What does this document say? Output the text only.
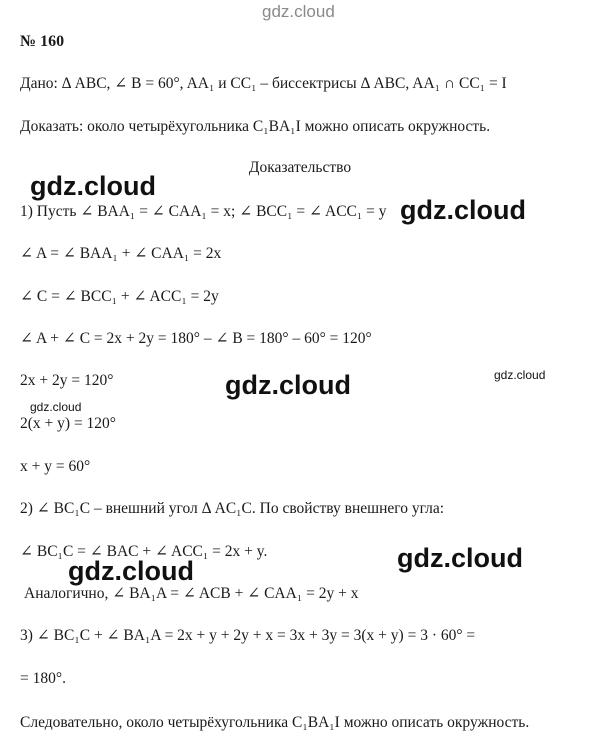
gdz.cloud
№ 160
Дано: Δ ABC, ∠ B = 60°, AA₁ и CC₁ – биссектрисы Δ ABC, AA₁ ∩ CC₁ = I
Доказать: около четырёхугольника C₁BA₁I можно описать окружность.
Доказательство
gdz.cloud
1) Пусть ∠ BAA₁ = ∠ CAA₁ = x; ∠ BCC₁ = ∠ ACC₁ = y gdz.cloud
∠ A = ∠ BAA₁ + ∠ CAA₁ = 2x
∠ C = ∠ BCC₁ + ∠ ACC₁ = 2y
∠ A + ∠ C = 2x + 2y = 180° – ∠ B = 180° – 60° = 120°
2x + 2y = 120°	gdz.cloud	gdz.cloud
gdz.cloud
2(x + y) = 120°
x + y = 60°
2) ∠ BC₁C – внешний угол Δ AC₁C. По свойству внешнего угла:
∠ BC₁C = ∠ BAC + ∠ ACC₁ = 2x + y.	gdz.cloud
gdz.cloud
Аналогично, ∠ BA₁A = ∠ ACB + ∠ CAA₁ = 2y + x
3) ∠ BC₁C + ∠ BA₁A = 2x + y + 2y + x = 3x + 3y = 3(x + y) = 3 · 60° =
= 180°.
Следовательно, около четырёхугольника C₁BA₁I можно описать окружность.
